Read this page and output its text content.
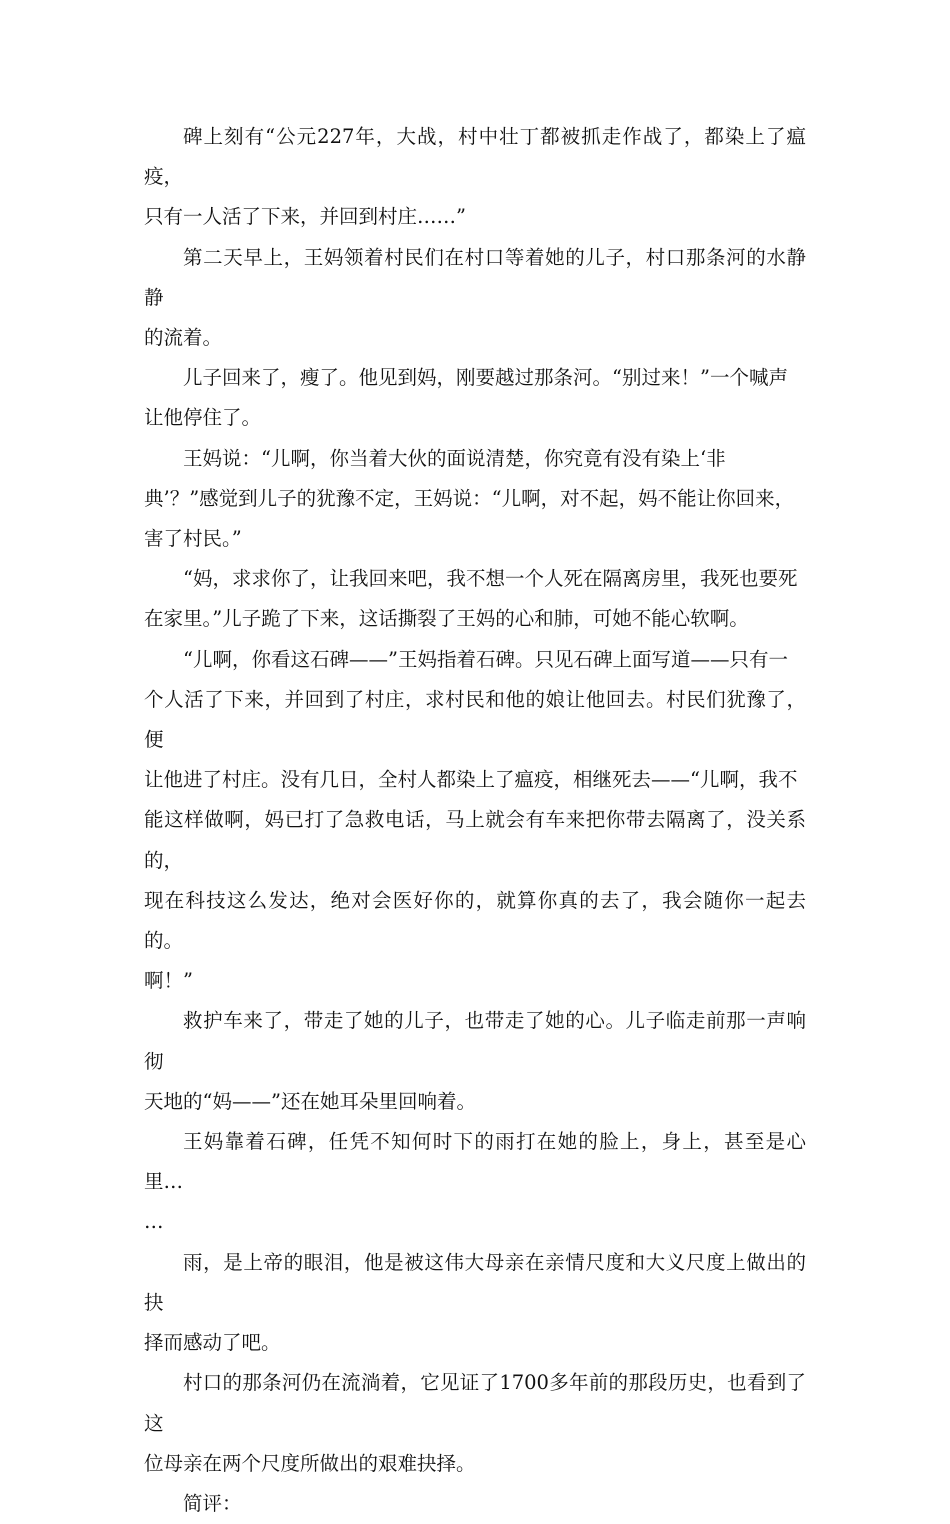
碑上刻有“公元227年，大战，村中壮丁都被抓走作战了，都染上了瘟疫，
只有一人活了下来，并回到村庄……”

第二天早上，王妈领着村民们在村口等着她的儿子，村口那条河的水静静
的流着。

儿子回来了，瘦了。他见到妈，刚要越过那条河。“别过来！”一个喊声
让他停住了。

王妈说：“儿啊，你当着大伙的面说清楚，你究竟有没有染上‘非
典’？”感觉到儿子的犹豫不定，王妈说：“儿啊，对不起，妈不能让你回来，
害了村民。”

“妈，求求你了，让我回来吧，我不想一个人死在隔离房里，我死也要死
在家里。”儿子跪了下来，这话撕裂了王妈的心和肺，可她不能心软啊。

“儿啊，你看这石碑——”王妈指着石碑。只见石碑上面写道——只有一
个人活了下来，并回到了村庄，求村民和他的娘让他回去。村民们犹豫了，便
让他进了村庄。没有几日，全村人都染上了瘟疫，相继死去——“儿啊，我不
能这样做啊，妈已打了急救电话，马上就会有车来把你带去隔离了，没关系的，
现在科技这么发达，绝对会医好你的，就算你真的去了，我会随你一起去的。
啊！”

救护车来了，带走了她的儿子，也带走了她的心。儿子临走前那一声响彻
天地的“妈——”还在她耳朵里回响着。

王妈靠着石碑，任凭不知何时下的雨打在她的脸上，身上，甚至是心里…
…

雨，是上帝的眼泪，他是被这伟大母亲在亲情尺度和大义尺度上做出的抉
择而感动了吧。

村口的那条河仍在流淌着，它见证了1700多年前的那段历史，也看到了这
位母亲在两个尺度所做出的艰难抉择。

简评：
